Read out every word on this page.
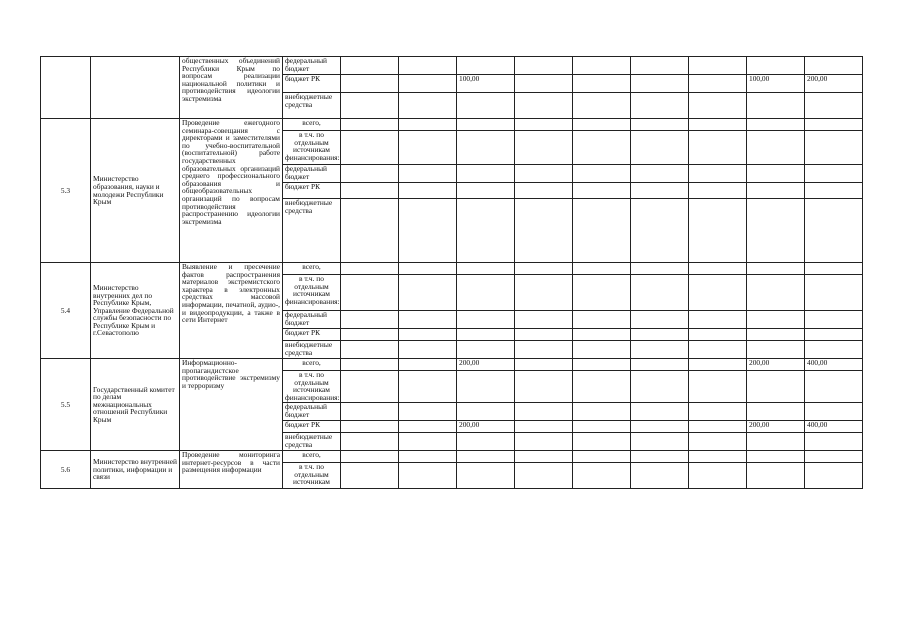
		общественных объединений Республики Крым по вопросам реализации национальной политики и противодействия идеологии экстремизма	федеральный бюджет									
			бюджет РК			100,00					100,00	200,00
			внебюджетные средства									
5.3	Министерство образования, науки и молодежи Республики Крым	Проведение ежегодного семинара-совещания с директорами и заместителями по учебно-воспитательной (воспитательной) работе государственных образовательных организаций среднего профессионального образования и общеобразовательных организаций по вопросам противодействия распространению идеологии экстремизма	всего,									
			в т.ч. по отдельным источникам финансирования:									
			федеральный бюджет									
			бюджет РК									
			внебюджетные средства									
5.4	Министерство внутренних дел по Республике Крым, Управление Федеральной службы безопасности по Республике Крым и г.Севастополю	Выявление и пресечение фактов распространения материалов экстремистского характера в электронных средствах массовой информации, печатной, аудио-, и видеопродукции, а также в сети Интернет	всего,									
			в т.ч. по отдельным источникам финансирования:									
			федеральный бюджет									
			бюджет РК									
			внебюджетные средства									
5.5	Государственный комитет по делам межнациональных отношений Республики Крым	Информационно-пропагандистское противодействие экстремизму и терроризму	всего,			200,00					200,00	400,00
			в т.ч. по отдельным источникам финансирования:									
			федеральный бюджет									
			бюджет РК			200,00					200,00	400,00
			внебюджетные средства									
5.6	Министерство внутренней политики, информации и связи	Проведение мониторинга интернет-ресурсов в части размещения информации	всего,									
			в т.ч. по отдельным источникам									
